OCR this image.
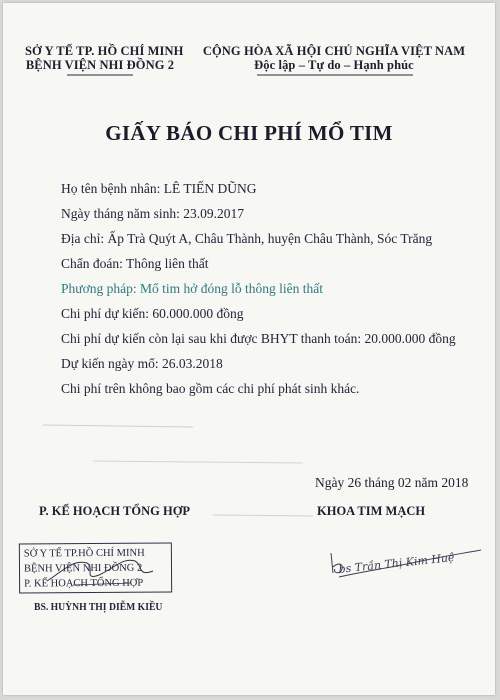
SỞ Y TẾ TP. HỒ CHÍ MINH
BỆNH VIỆN NHI ĐỒNG 2
CỘNG HÒA XÃ HỘI CHỦ NGHĨA VIỆT NAM
Độc lập – Tự do – Hạnh phúc
GIẤY BÁO CHI PHÍ MỔ TIM
Họ tên bệnh nhân: LÊ TIẾN DŨNG
Ngày tháng năm sinh: 23.09.2017
Địa chỉ: Ấp Trà Quýt A, Châu Thành, huyện Châu Thành, Sóc Trăng
Chẩn đoán: Thông liên thất
Phương pháp: Mổ tim hở đóng lỗ thông liên thất
Chi phí dự kiến: 60.000.000 đồng
Chi phí dự kiến còn lại sau khi được BHYT thanh toán: 20.000.000 đồng
Dự kiến ngày mổ: 26.03.2018
Chi phí trên không bao gồm các chi phí phát sinh khác.
Ngày 26 tháng 02 năm 2018
P. KẾ HOẠCH TỔNG HỢP	KHOA TIM MẠCH
SỞ Y TẾ TP.HỒ CHÍ MINH
BỆNH VIỆN NHI ĐỒNG 2
P. KẾ HOẠCH TỔNG HỢP
BS. HUỲNH THỊ DIỄM KIỀU
bs Trần Thị Kim Huệ
